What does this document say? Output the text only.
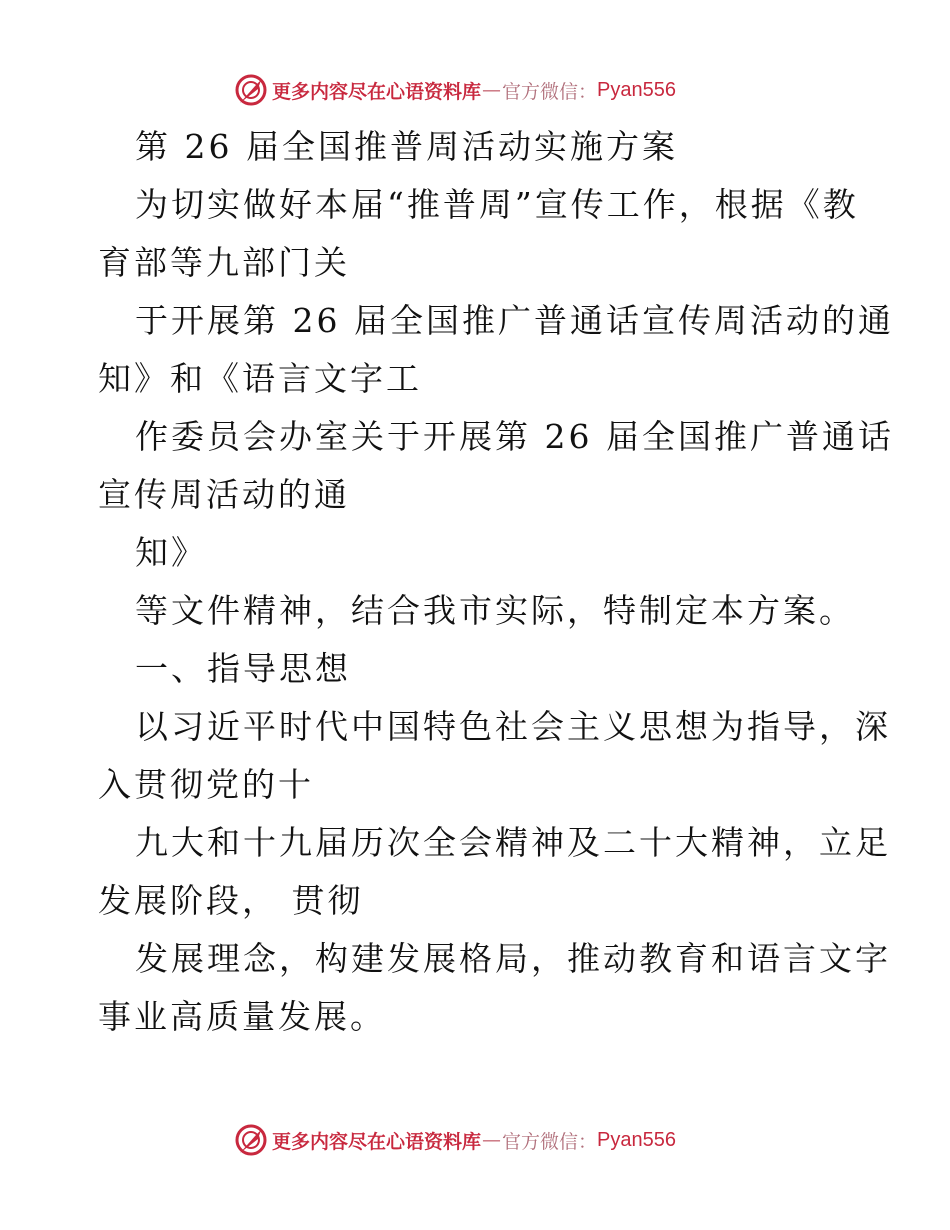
更多内容尽在心语资料库 — 官方微信： Pyan556
第 26 届全国推普周活动实施方案
为切实做好本届“推普周”宣传工作，根据《教
育部等九部门关
于开展第 26 届全国推广普通话宣传周活动的通
知》和《语言文字工
作委员会办室关于开展第 26 届全国推广普通话
宣传周活动的通
知》
等文件精神，结合我市实际，特制定本方案。
一、指导思想
以习近平时代中国特色社会主义思想为指导，深
入贯彻党的十
九大和十九届历次全会精神及二十大精神，立足
发展阶段， 贯彻
发展理念，构建发展格局，推动教育和语言文字
事业高质量发展。
更多内容尽在心语资料库 — 官方微信： Pyan556
